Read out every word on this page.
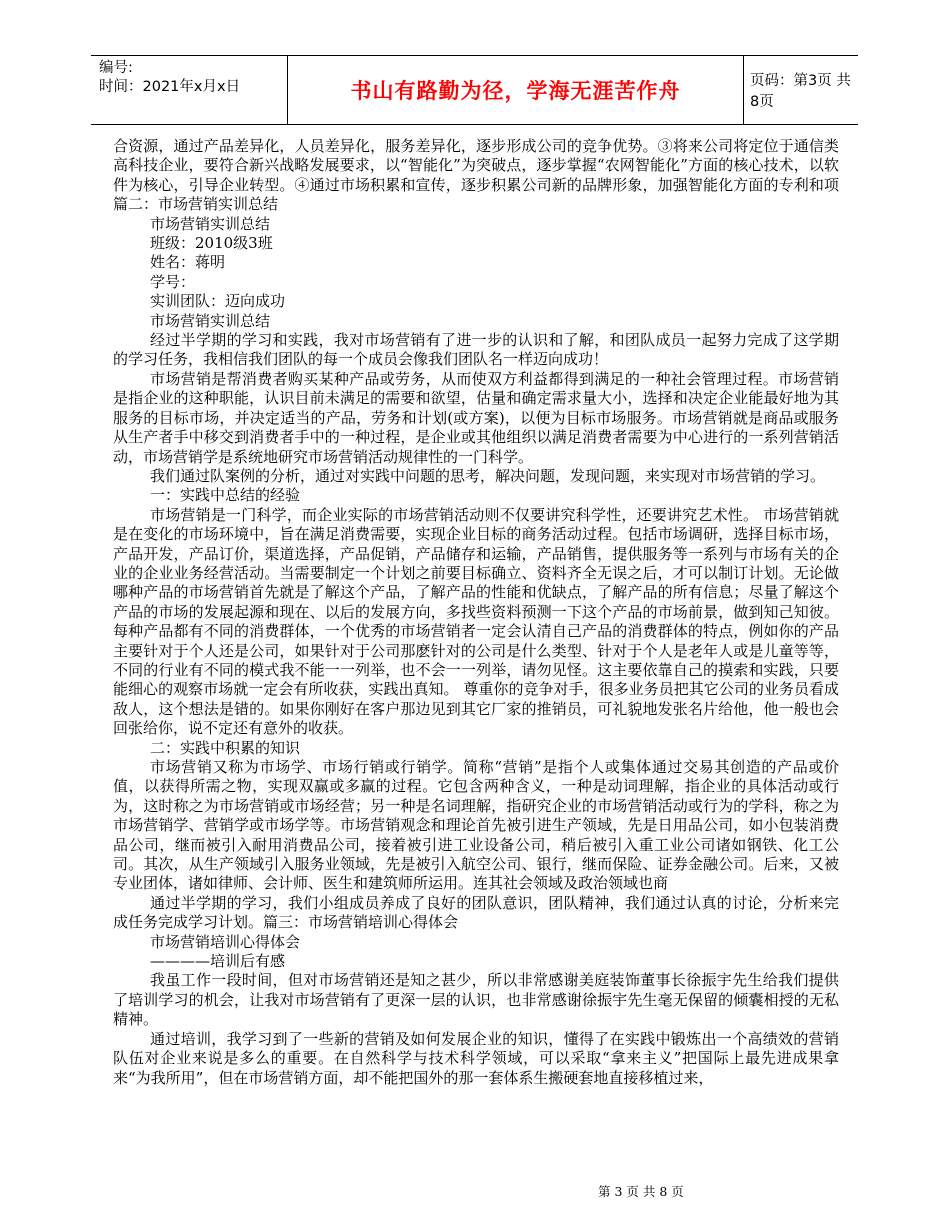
编号:
时间：2021年x月x日	书山有路勤为径，学海无涯苦作舟	页码：第3页 共8页

合资源，通过产品差异化，人员差异化，服务差异化，逐步形成公司的竞争优势。③将来公司将定位于通信类高科技企业，要符合新兴战略发展要求，以“智能化”为突破点，逐步掌握“农网智能化”方面的核心技术，以软件为核心，引导企业转型。④通过市场积累和宣传，逐步积累公司新的品牌形象，加强智能化方面的专利和项篇二：市场营销实训总结

市场营销实训总结

班级：2010级3班

姓名：蒋明

学号：

实训团队：迈向成功

市场营销实训总结

经过半学期的学习和实践，我对市场营销有了进一步的认识和了解，和团队成员一起努力完成了这学期的学习任务，我相信我们团队的每一个成员会像我们团队名一样迈向成功！

市场营销是帮消费者购买某种产品或劳务，从而使双方利益都得到满足的一种社会管理过程。市场营销是指企业的这种职能，认识目前未满足的需要和欲望，估量和确定需求量大小，选择和决定企业能最好地为其服务的目标市场，并决定适当的产品，劳务和计划(或方案)，以便为目标市场服务。市场营销就是商品或服务从生产者手中移交到消费者手中的一种过程，是企业或其他组织以满足消费者需要为中心进行的一系列营销活动，市场营销学是系统地研究市场营销活动规律性的一门科学。

我们通过队案例的分析，通过对实践中问题的思考，解决问题，发现问题，来实现对市场营销的学习。

一：实践中总结的经验

市场营销是一门科学，而企业实际的市场营销活动则不仅要讲究科学性，还要讲究艺术性。 市场营销就是在变化的市场环境中，旨在满足消费需要，实现企业目标的商务活动过程。包括市场调研，选择目标市场，产品开发，产品订价，渠道选择，产品促销，产品储存和运输，产品销售，提供服务等一系列与市场有关的企业的企业业务经营活动。当需要制定一个计划之前要目标确立、资料齐全无误之后，才可以制订计划。无论做哪种产品的市场营销首先就是了解这个产品，了解产品的性能和优缺点，了解产品的所有信息；尽量了解这个产品的市场的发展起源和现在、以后的发展方向，多找些资料预测一下这个产品的市场前景，做到知己知彼。每种产品都有不同的消费群体，一个优秀的市场营销者一定会认清自己产品的消费群体的特点，例如你的产品主要针对于个人还是公司，如果针对于公司那麽针对的公司是什么类型、针对于个人是老年人或是儿童等等，不同的行业有不同的模式我不能一一列举，也不会一一列举，请勿见怪。这主要依靠自己的摸索和实践，只要能细心的观察市场就一定会有所收获，实践出真知。 尊重你的竞争对手，很多业务员把其它公司的业务员看成敌人，这个想法是错的。如果你刚好在客户那边见到其它厂家的推销员，可礼貌地发张名片给他，他一般也会回张给你，说不定还有意外的收获。

二：实践中积累的知识

市场营销又称为市场学、市场行销或行销学。简称“营销”是指个人或集体通过交易其创造的产品或价值，以获得所需之物，实现双赢或多赢的过程。它包含两种含义，一种是动词理解，指企业的具体活动或行为，这时称之为市场营销或市场经营；另一种是名词理解，指研究企业的市场营销活动或行为的学科，称之为市场营销学、营销学或市场学等。市场营销观念和理论首先被引进生产领域，先是日用品公司，如小包装消费品公司，继而被引入耐用消费品公司，接着被引进工业设备公司，稍后被引入重工业公司诸如钢铁、化工公司。其次，从生产领域引入服务业领域，先是被引入航空公司、银行，继而保险、证券金融公司。后来，又被专业团体，诸如律师、会计师、医生和建筑师所运用。连其社会领域及政治领域也商

通过半学期的学习，我们小组成员养成了良好的团队意识，团队精神，我们通过认真的讨论，分析来完成任务完成学习计划。篇三：市场营销培训心得体会

市场营销培训心得体会

————培训后有感

我虽工作一段时间，但对市场营销还是知之甚少，所以非常感谢美庭装饰董事长徐振宇先生给我们提供了培训学习的机会，让我对市场营销有了更深一层的认识，也非常感谢徐振宇先生毫无保留的倾囊相授的无私精神。

通过培训，我学习到了一些新的营销及如何发展企业的知识，懂得了在实践中锻炼出一个高绩效的营销队伍对企业来说是多么的重要。在自然科学与技术科学领域，可以采取“拿来主义”把国际上最先进成果拿来“为我所用”，但在市场营销方面，却不能把国外的那一套体系生搬硬套地直接移植过来，

第 3 页 共 8 页
